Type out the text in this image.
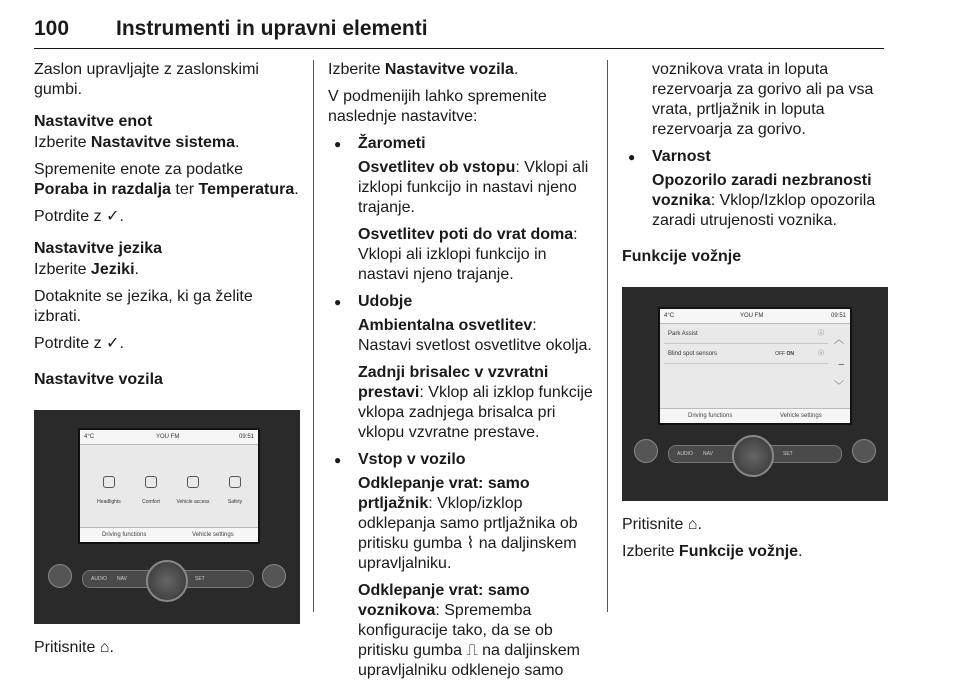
100 Instrumenti in upravni elementi

Zaslon upravljajte z zaslonskimi gumbi.

Nastavitve enot

Izberite Nastavitve sistema.

Spremenite enote za podatke Poraba in razdalja ter Temperatura.

Potrdite z ✓.

Nastavitve jezika

Izberite Jeziki.

Dotaknite se jezika, ki ga želite izbrati.

Potrdite z ✓.

Nastavitve vozila
4°C	YOU FM	09:51
Headlights	Comfort	Vehicle access	Safety
Driving functions	Vehicle settings
AUDIO NAV	SET

Pritisnite ⌂.

Izberite Nastavitve vozila.

V podmenijih lahko spremenite naslednje nastavitve:

● Žarometi

Osvetlitev ob vstopu: Vklopi ali izklopi funkcijo in nastavi njeno trajanje.

Osvetlitev poti do vrat doma: Vklopi ali izklopi funkcijo in nastavi njeno trajanje.

● Udobje

Ambientalna osvetlitev: Nastavi svetlost osvetlitve okolja.

Zadnji brisalec v vzvratni prestavi: Vklop ali izklop funkcije vklopa zadnjega brisalca pri vklopu vzvratne prestave.

● Vstop v vozilo

Odklepanje vrat: samo prtljažnik: Vklop/izklop odklepanja samo prtljažnika ob pritisku gumba ⌇ na daljinskem upravljalniku.

Odklepanje vrat: samo voznikova: Sprememba konfiguracije tako, da se ob pritisku gumba ⎍ na daljinskem upravljalniku odklenejo samo

voznikova vrata in loputa rezervoarja za gorivo ali pa vsa vrata, prtljažnik in loputa rezervoarja za gorivo.

● Varnost

Opozorilo zaradi nezbranosti voznika: Vklop/Izklop opozorila zaradi utrujenosti voznika.

Funkcije vožnje
4°C	YOU FM	09:51
Park Assist	ⓘ
Blind spot sensors	OFF ON	ⓘ
︿
–
﹀
Driving functions	Vehicle settings
AUDIO NAV	SET

Pritisnite ⌂.

Izberite Funkcije vožnje.
